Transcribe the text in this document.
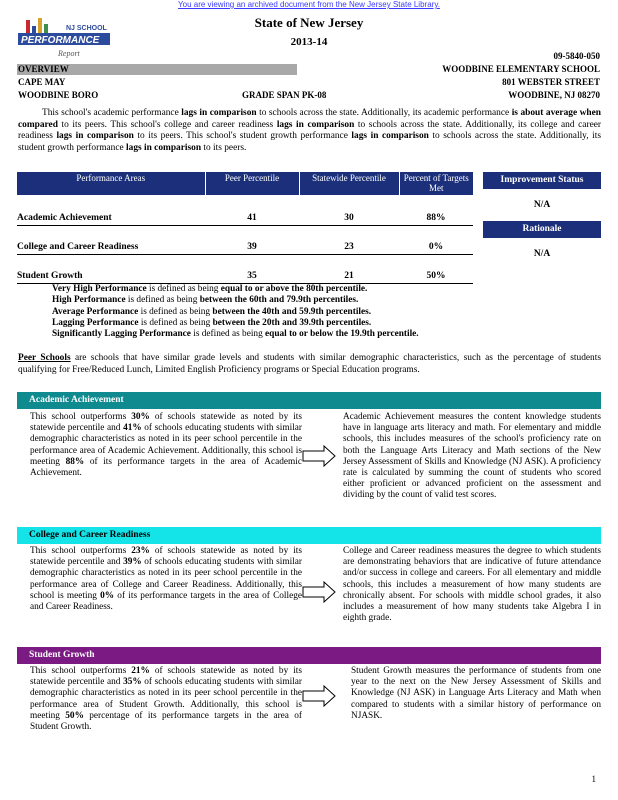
You are viewing an archived document from the New Jersey State Library.
NJ SCHOOL
PERFORMANCE
Report
State of New Jersey
2013-14
09-5840-050
OVERVIEW
CAPE MAY
WOODBINE BORO	GRADE SPAN PK-08
WOODBINE ELEMENTARY SCHOOL
801 WEBSTER STREET
WOODBINE, NJ 08270
This school's academic performance lags in comparison to schools across the state. Additionally, its academic performance is about average when compared to its peers. This school's college and career readiness lags in comparison to schools across the state. Additionally, its college and career readiness lags in comparison to its peers. This school's student growth performance lags in comparison to schools across the state. Additionally, its student growth performance lags in comparison to its peers.
Performance Areas	Peer Percentile	Statewide Percentile	Percent of Targets Met
Academic Achievement	41	30	88%
College and Career Readiness	39	23	0%
Student Growth	35	21	50%
Improvement Status
N/A
Rationale
N/A
Very High Performance is defined as being equal to or above the 80th percentile.
High Performance is defined as being between the 60th and 79.9th percentiles.
Average Performance is defined as being between the 40th and 59.9th percentiles.
Lagging Performance is defined as being between the 20th and 39.9th percentiles.
Significantly Lagging Performance is defined as being equal to or below the 19.9th percentile.
Peer Schools are schools that have similar grade levels and students with similar demographic characteristics, such as the percentage of students qualifying for Free/Reduced Lunch, Limited English Proficiency programs or Special Education programs.
Academic Achievement
This school outperforms 30% of schools statewide as noted by its statewide percentile and 41% of schools educating students with similar demographic characteristics as noted in its peer school percentile in the performance area of Academic Achievement. Additionally, this school is meeting 88% of its performance targets in the area of Academic Achievement.
Academic Achievement measures the content knowledge students have in language arts literacy and math. For elementary and middle schools, this includes measures of the school's proficiency rate on both the Language Arts Literacy and Math sections of the New Jersey Assessment of Skills and Knowledge (NJ ASK). A proficiency rate is calculated by summing the count of students who scored either proficient or advanced proficient on the assessment and dividing by the count of valid test scores.
College and Career Readiness
This school outperforms 23% of schools statewide as noted by its statewide percentile and 39% of schools educating students with similar demographic characteristics as noted in its peer school percentile in the performance area of College and Career Readiness. Additionally, this school is meeting 0% of its performance targets in the area of College and Career Readiness.
College and Career readiness measures the degree to which students are demonstrating behaviors that are indicative of future attendance and/or success in college and careers. For all elementary and middle schools, this includes a measurement of how many students are chronically absent. For schools with middle school grades, it also includes a measurement of how many students take Algebra I in eighth grade.
Student Growth
This school outperforms 21% of schools statewide as noted by its statewide percentile and 35% of schools educating students with similar demographic characteristics as noted in its peer school percentile in the performance area of Student Growth. Additionally, this school is meeting 50% percentage of its performance targets in the area of Student Growth.
Student Growth measures the performance of students from one year to the next on the New Jersey Assessment of Skills and Knowledge (NJ ASK) in Language Arts Literacy and Math when compared to students with a similar history of performance on NJASK.
1
